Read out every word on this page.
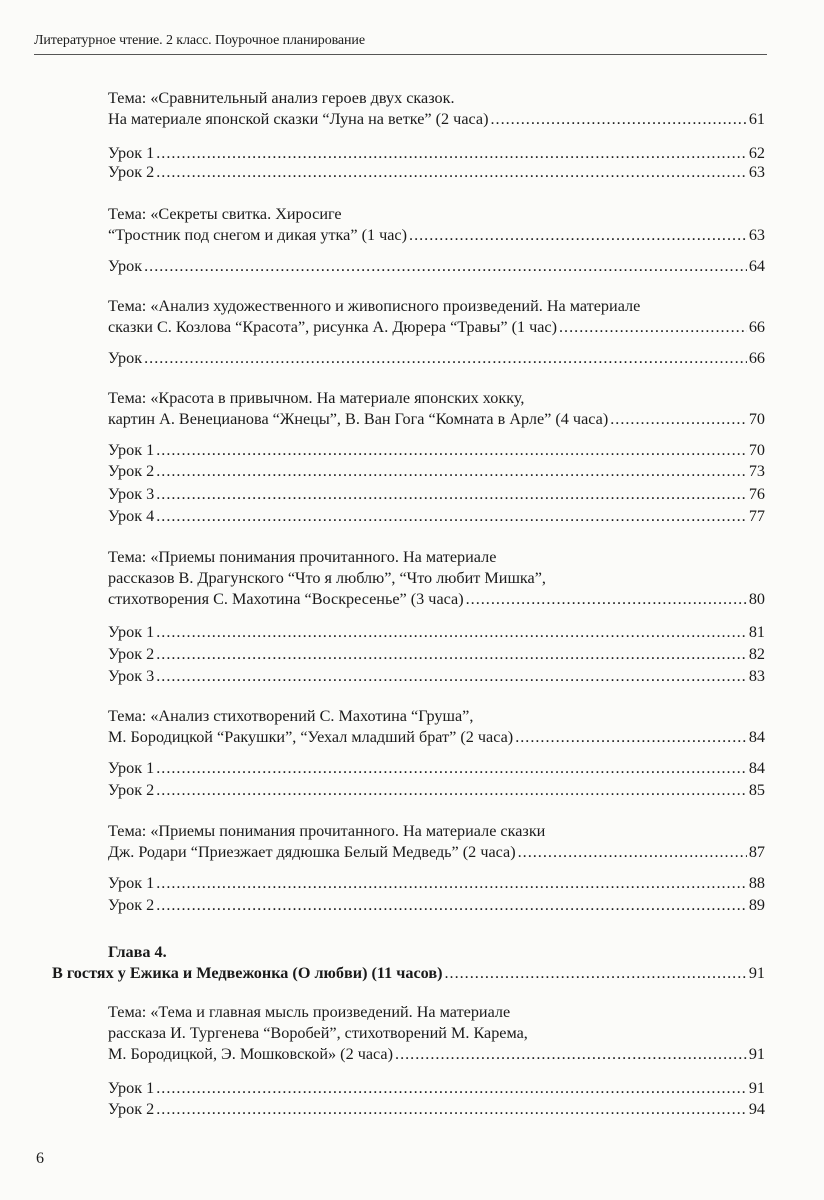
Литературное чтение. 2 класс. Поурочное планирование
Тема: «Сравнительный анализ героев двух сказок.
На материале японской сказки “Луна на ветке” (2 часа) .....	61
Урок 1 .....	62
Урок 2 .....	63
Тема: «Секреты свитка. Хиросиге
“Тростник под снегом и дикая утка” (1 час) .....	63
Урок .....	64
Тема: «Анализ художественного и живописного произведений. На материале
сказки С. Козлова “Красота”, рисунка А. Дюрера “Травы” (1 час) .....	66
Урок .....	66
Тема: «Красота в привычном. На материале японских хокку,
картин А. Венецианова “Жнецы”, В. Ван Гога “Комната в Арле” (4 часа) .....	70
Урок 1 .....	70
Урок 2 .....	73
Урок 3 .....	76
Урок 4 .....	77
Тема: «Приемы понимания прочитанного. На материале
рассказов В. Драгунского “Что я люблю”, “Что любит Мишка”,
стихотворения С. Махотина “Воскресенье” (3 часа) .....	80
Урок 1 .....	81
Урок 2 .....	82
Урок 3 .....	83
Тема: «Анализ стихотворений С. Махотина “Груша”,
М. Бородицкой “Ракушки”, “Уехал младший брат” (2 часа) .....	84
Урок 1 .....	84
Урок 2 .....	85
Тема: «Приемы понимания прочитанного. На материале сказки
Дж. Родари “Приезжает дядюшка Белый Медведь” (2 часа) .....	87
Урок 1 .....	88
Урок 2 .....	89
Глава 4.
В гостях у Ежика и Медвежонка (О любви) (11 часов) .....	91
Тема: «Тема и главная мысль произведений. На материале
рассказа И. Тургенева “Воробей”, стихотворений М. Карема,
М. Бородицкой, Э. Мошковской» (2 часа) .....	91
Урок 1 .....	91
Урок 2 .....	94
6
